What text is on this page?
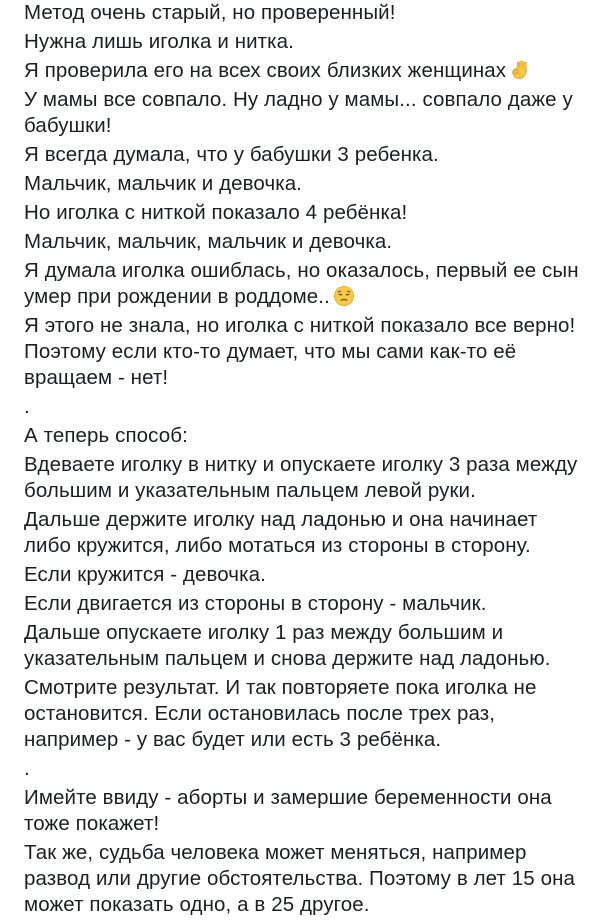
Метод очень старый, но проверенный!

Нужна лишь иголка и нитка.

Я проверила его на всех своих близких женщинах

У мамы все совпало. Ну ладно у мамы... совпало даже у бабушки!

Я всегда думала, что у бабушки 3 ребенка.

Мальчик, мальчик и девочка.

Но иголка с ниткой показало 4 ребёнка!

Мальчик, мальчик, мальчик и девочка.

Я думала иголка ошиблась, но оказалось, первый ее сын умер при рождении в роддоме..

Я этого не знала, но иголка с ниткой показало все верно! Поэтому если кто-то думает, что мы сами как-то её вращаем - нет!

.

А теперь способ:

Вдеваете иголку в нитку и опускаете иголку 3 раза между большим и указательным пальцем левой руки.

Дальше держите иголку над ладонью и она начинает либо кружится, либо мотаться из стороны в сторону.

Если кружится - девочка.

Если двигается из стороны в сторону - мальчик.

Дальше опускаете иголку 1 раз между большим и указательным пальцем и снова держите над ладонью.

Смотрите результат. И так повторяете пока иголка не остановится. Если остановилась после трех раз, например - у вас будет или есть 3 ребёнка.

.

Имейте ввиду - аборты и замершие беременности она тоже покажет!

Так же, судьба человека может меняться, например развод или другие обстоятельства. Поэтому в лет 15 она может показать одно, а в 25 другое.
